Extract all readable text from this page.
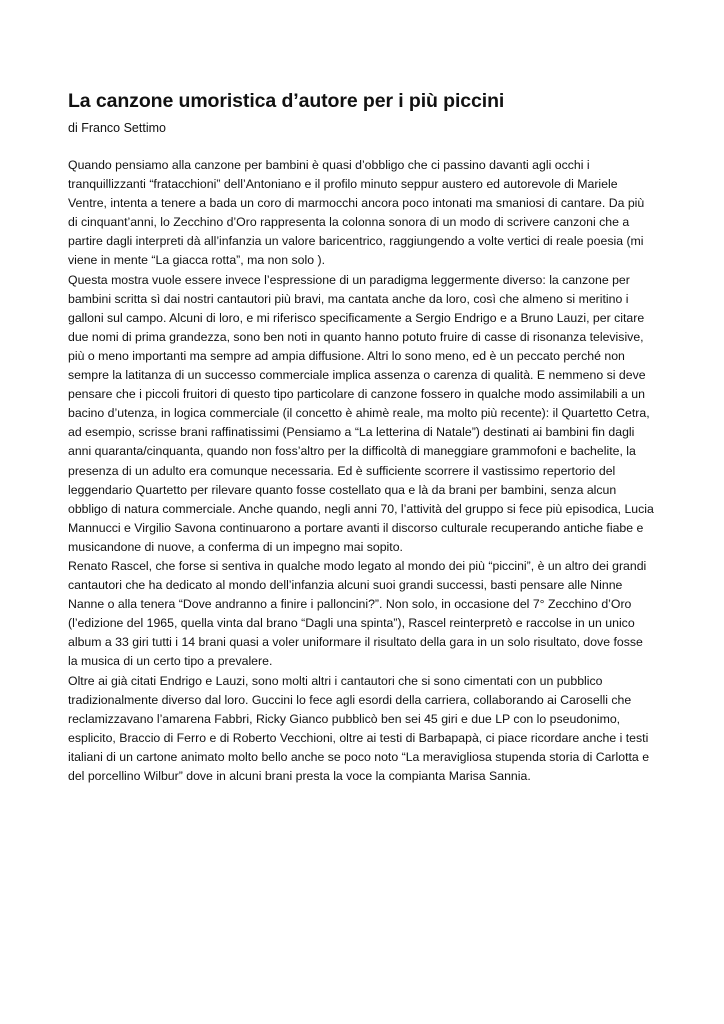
La canzone umoristica d’autore per i più piccini
di Franco Settimo

Quando pensiamo alla canzone per bambini è quasi d’obbligo che ci passino davanti agli occhi i
tranquillizzanti “fratacchioni” dell’Antoniano e il profilo minuto seppur austero ed autorevole di Mariele
Ventre, intenta a tenere a bada un coro di marmocchi ancora poco intonati ma smaniosi di cantare. Da più
di cinquant’anni, lo Zecchino d’Oro rappresenta la colonna sonora di un modo di scrivere canzoni che a
partire dagli interpreti dà all’infanzia un valore baricentrico, raggiungendo a volte vertici di reale poesia (mi
viene in mente “La giacca rotta”, ma non solo ).

Questa mostra vuole essere invece l’espressione di un paradigma leggermente diverso: la canzone per
bambini scritta sì dai nostri cantautori più bravi, ma cantata anche da loro, così che almeno si meritino i
galloni sul campo. Alcuni di loro, e mi riferisco specificamente a Sergio Endrigo e a Bruno Lauzi, per citare
due nomi di prima grandezza, sono ben noti in quanto hanno potuto fruire di casse di risonanza televisive,
più o meno importanti ma sempre ad ampia diffusione. Altri lo sono meno, ed è un peccato perché non
sempre la latitanza di un successo commerciale implica assenza o carenza di qualità. E nemmeno si deve
pensare che i piccoli fruitori di questo tipo particolare di canzone fossero in qualche modo assimilabili a un
bacino d’utenza, in logica commerciale (il concetto è ahimè reale, ma molto più recente): il Quartetto Cetra,
ad esempio, scrisse brani raffinatissimi (Pensiamo a “La letterina di Natale”) destinati ai bambini fin dagli
anni quaranta/cinquanta, quando non foss’altro per la difficoltà di maneggiare grammofoni e bachelite, la
presenza di un adulto era comunque necessaria. Ed è sufficiente scorrere il vastissimo repertorio del
leggendario Quartetto per rilevare quanto fosse costellato qua e là da brani per bambini, senza alcun
obbligo di natura commerciale. Anche quando, negli anni 70, l’attività del gruppo si fece più episodica, Lucia
Mannucci e Virgilio Savona continuarono a portare avanti il discorso culturale recuperando antiche fiabe e
musicandone di nuove, a conferma di un impegno mai sopito.

Renato Rascel, che forse si sentiva in qualche modo legato al mondo dei più “piccini”, è un altro dei grandi
cantautori che ha dedicato al mondo dell’infanzia alcuni suoi grandi successi, basti pensare alle Ninne
Nanne o alla tenera “Dove andranno a finire i palloncini?”. Non solo, in occasione del 7° Zecchino d’Oro
(l’edizione del 1965, quella vinta dal brano “Dagli una spinta”), Rascel reinterpretò e raccolse in un unico
album a 33 giri tutti i 14 brani quasi a voler uniformare il risultato della gara in un solo risultato, dove fosse
la musica di un certo tipo a prevalere.

Oltre ai già citati Endrigo e Lauzi, sono molti altri i cantautori che si sono cimentati con un pubblico
tradizionalmente diverso dal loro. Guccini lo fece agli esordi della carriera, collaborando ai Caroselli che
reclamizzavano l’amarena Fabbri, Ricky Gianco pubblicò ben sei 45 giri e due LP con lo pseudonimo,
esplicito, Braccio di Ferro e di Roberto Vecchioni, oltre ai testi di Barbapapà, ci piace ricordare anche i testi
italiani di un cartone animato molto bello anche se poco noto “La meravigliosa stupenda storia di Carlotta e
del porcellino Wilbur” dove in alcuni brani presta la voce la compianta Marisa Sannia.
